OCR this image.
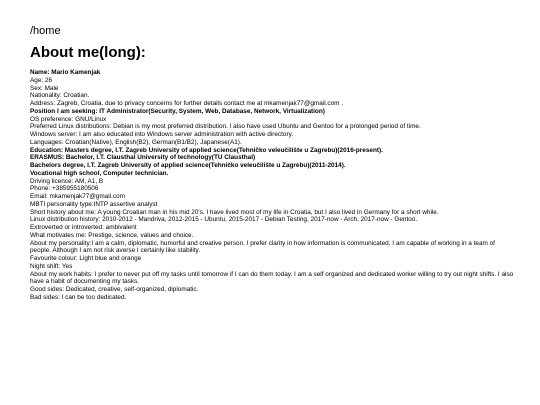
/home
About me(long):
Name: Mario Kamenjak
Age: 26
Sex: Male
Nationality: Croatian.
Address: Zagreb, Croatia, due to privacy concerns for further details contact me at mkamenjak77@gmail.com .
Position I am seeking: IT Administrator(Security, System, Web, Database, Network, Virtualization)
OS preference: GNU/Linux
Preferred Linux distributions: Debian is my most preferred distribution. I also have used Ubuntu and Gentoo for a prolonged period of time.
Windows server: I am also educated into Windows server administration with active directory.
Languages: Croatian(Native), English(B2), German(B1/B2), Japanese(A1).
Education: Masters degree, I.T. Zagreb University of applied science(Tehničko veleučilište u Zagrebu)(2016-present).
ERASMUS: Bachelor, I.T. Clausthal University of technology(TU Clausthal)
Bachelors degree, I.T. Zagreb University of applied science(Tehničko veleučilište u Zagrebu)(2011-2014).
Vocational high school, Computer technician.
Driving licence: AM, A1, B
Phone: +385955180506
Email: mkamenjak77@gmail.com
MBTI personality type:INTP assertive analyst
Short history about me: A young Croatian man in his mid 20's. I have lived most of my life in Croatia, but I also lived in Germany for a short while.
Linux distribution history: 2010-2012 - Mandriva, 2012-2015 - Ubuntu, 2015-2017 - Debian Testing, 2017-now - Arch, 2017-now - Gentoo.
Extroverted or introverted: ambivalent
What motivates me: Prestige, science, values and choice.
About my personality:I am a calm, diplomatic, humorful and creative person. I prefer clarity in how information is communicated. I am capable of working in a team of people. Although I am not risk averse I certainly like stability.
Favourite colour: Light blue and orange
Night shift: Yes
About my work habits: I prefer to never put off my tasks until tomorrow if I can do them today. I am a self organized and dedicated worker willing to try out night shifts. I also have a habit of documenting my tasks.
Good sides: Dedicated, creative, self-organized, diplomatic.
Bad sides: I can be too dedicated.
